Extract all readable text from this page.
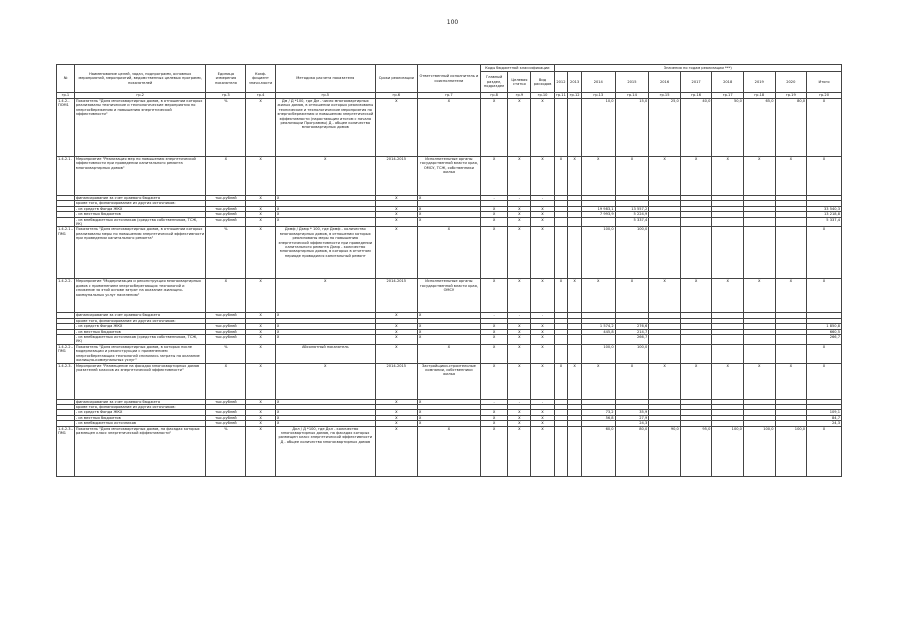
100
№	Наименование целей, задач, подпрограмм, основных мероприятий, мероприятий, ведомственных целевых программ, показателей	Единица измерения показателя	Коэф-фициент значи-мости	Методика расчета показателя	Сроки реализации	Ответственный исполнитель и соисполнители	Коды бюджетной классификации			Значения по годам реализации ***)									
							Главный раздел, подраздел	Целевая статья	Вид расходов	2012	2013	2014	2015	2016	2017	2018	2019	2020	Итого
гр.1	гр.2	гр.3	гр.4	гр.5	гр.6	гр.7	гр.8	гр.9	гр.10	гр.11	гр.12	гр.13	гр.14	гр.15	гр.16	гр.17	гр.18	гр.19	гр.20
1.4.2.- ПОМ1	Показатель "Доля многоквартирных домов, в отношении которых реализованы технические и технологические мероприятия по энергосбережению и повышению энергетической эффективности"	%	X	Дм / Д *100, где Дм - число многоквартирных жилых домов, в отношении которых реализованы технические и технологические мероприятия по энергосбережению и повышению энергетической эффективности (нарастающим итогом с начала реализации Программы) Д - общее количество многоквартирных домов	X	X	X	X	X			10,0	15,0	25,0	40,0	50,0	65,0	80,0	X
1.4.2.1.	Мероприятие "Реализация мер по повышению энергетической эффективности при проведении капитального ремонта многоквартирных домов"	X	X	X	2014-2015	Исполнительные органы государственной власти края, ОМСУ, ТСЖ, собственники жилья	X	X	X	X	X	X	X	X	X	X	X	X	X
	финансирование за счет краевого бюджета	тыс.рублей	X	X	X	X	-	-	-										
	кроме того, финансирование из других источников:																		
	- из средств Фонда ЖКХ	тыс.рублей	X	X	X	X	X	X	X			19 983,1	13 557,2						33 540,3
	- из местных бюджетов	тыс.рублей	X	X	X	X	X	X	X			7 993,9	5 224,9						13 218,8
	- из внебюджетных источников (средства собственников, ТСЖ, УК)	тыс.рублей	X	X	X	X	X	X	X				5 337,4						5 337,4
1.4.2.1.- ПМ1	Показатель "Доля многоквартирных домов, в отношении которых реализованы меры по повышению энергетической эффективности при проведении капитального ремонта"	%	X	Дэмф / Дкмр * 100, где Дэмф - количество многоквартирных домов, в отношении которых реализованы меры по повышению энергетической эффективности при проведении капитального ремонта Дкмр - количество многоквартирных домов, в которых в отчетном периоде проводился капитальный ремонт	X	X	X	X	X			100,0	100,0						X
1.4.2.2.	Мероприятие "Модернизация и реконструкция многоквартирных домов с применением энергосберегающих технологий и снижение за этой основе затрат на оказание жилищно-коммунальных услуг населению"	X	X	X	2014-2015	Исполнительные органы государственной власти края, ОМСУ	X	X	X	X	X	X	X	X	X	X	X	X	X
	финансирование за счет краевого бюджета	тыс.рублей	X	X	X	X	-	-	-										
	кроме того, финансирование из других источников:																		
	- из средств Фонда ЖКХ	тыс.рублей	X	X	X	X	X	X	X			1 574,2	276,6						1 850,8
	- из местных бюджетов	тыс.рублей	X	X	X	X	X	X	X			445,8	214,7						660,5
	- из внебюджетных источников (средства собственников, ТСЖ, УК)	тыс.рублей	X	X	X	X	X	X	X				266,7						266,7
1.4.2.2.- ПМ1	Показатель "Доля многоквартирных домов, в которых после модернизации и реконструкции с применением энергосберегающих технологий снизились затраты на оказание жилищно-коммунальных услуг"	%	X	Абсолютный показатель	X	X	X	X	X			100,0	100,0						X
1.4.2.3.	Мероприятие "Размещение на фасадах многоквартирных домов указателей классов их энергетической эффективности"	X	X	X	2014-2015	Застройщики-строительные компании, собственники жилья	X	X	X	X	X	X	X	X	X	X	X	X	X
	финансирование за счет краевого бюджета	тыс.рублей	X	X	X	X	-	-	-										
	кроме того, финансирование из других источников:																		
	- из средств Фонда ЖКХ	тыс.рублей	X	X	X	X	X	X	X			73,2	35,9						109,1
	- из местных бюджетов	тыс.рублей	X	X	X	X	X	X	X			56,8	27,9						84,7
	- из внебюджетных источников	тыс.рублей	X	X	X	X	X	X	X				24,3						24,3
1.4.2.3.- ПМ1	Показатель "Доля многоквартирных домов, на фасадах которых размещен класс энергетической эффективности"	%	X	Дкл / Д *100, где Дкл - количество многоквартирных домов, на фасадах которых размещен класс энергетической эффективности Д - общее количество многоквартирных домов	X	X	X	X	X			60,0	80,0	90,0	95,0	100,0	100,0	100,0	X
